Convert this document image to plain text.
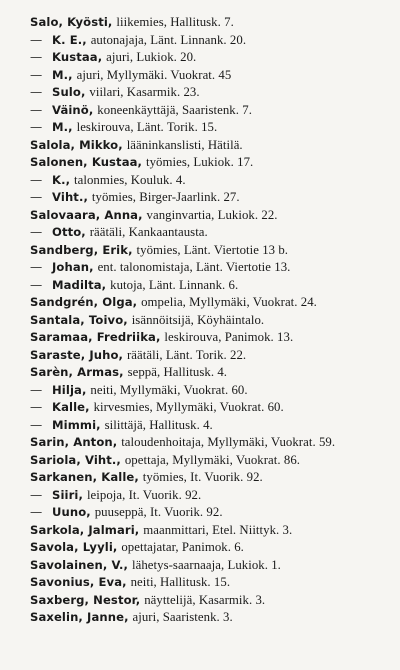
Salo, Kyösti, liikemies, Hallitusk. 7.
— K. E., autonajaja, Länt. Linnank. 20.
— Kustaa, ajuri, Lukiok. 20.
— M., ajuri, Myllymäki. Vuokrat. 45
— Sulo, viilari, Kasarmik. 23.
— Väinö, koneenkäyttäjä, Saaristenk. 7.
— M., leskirouva, Länt. Torik. 15.
Salola, Mikko, lääninkanslisti, Hätilä.
Salonen, Kustaa, työmies, Lukiok. 17.
— K., talonmies, Kouluk. 4.
— Viht., työmies, Birger-Jaarlink. 27.
Salovaara, Anna, vanginvartia, Lukiok. 22.
— Otto, räätäli, Kankaantausta.
Sandberg, Erik, työmies, Länt. Viertotie 13 b.
— Johan, ent. talonomistaja, Länt. Viertotie 13.
— Madilta, kutoja, Länt. Linnank. 6.
Sandgrén, Olga, ompelia, Myllymäki, Vuokrat. 24.
Santala, Toivo, isännöitsijä, Köyhäintalo.
Saramaa, Fredriika, leskirouva, Panimok. 13.
Saraste, Juho, räätäli, Länt. Torik. 22.
Sarèn, Armas, seppä, Hallitusk. 4.
— Hilja, neiti, Myllymäki, Vuokrat. 60.
— Kalle, kirvesmies, Myllymäki, Vuokrat. 60.
— Mimmi, silittäjä, Hallitusk. 4.
Sarin, Anton, taloudenhoitaja, Myllymäki, Vuokrat. 59.
Sariola, Viht., opettaja, Myllymäki, Vuokrat. 86.
Sarkanen, Kalle, työmies, It. Vuorik. 92.
— Siiri, leipoja, It. Vuorik. 92.
— Uuno, puuseppä, It. Vuorik. 92.
Sarkola, Jalmari, maanmittari, Etel. Niittyk. 3.
Savola, Lyyli, opettajatar, Panimok. 6.
Savolainen, V., lähetys-saarnaaja, Lukiok. 1.
Savonius, Eva, neiti, Hallitusk. 15.
Saxberg, Nestor, näyttelijä, Kasarmik. 3.
Saxelin, Janne, ajuri, Saaristenk. 3.
